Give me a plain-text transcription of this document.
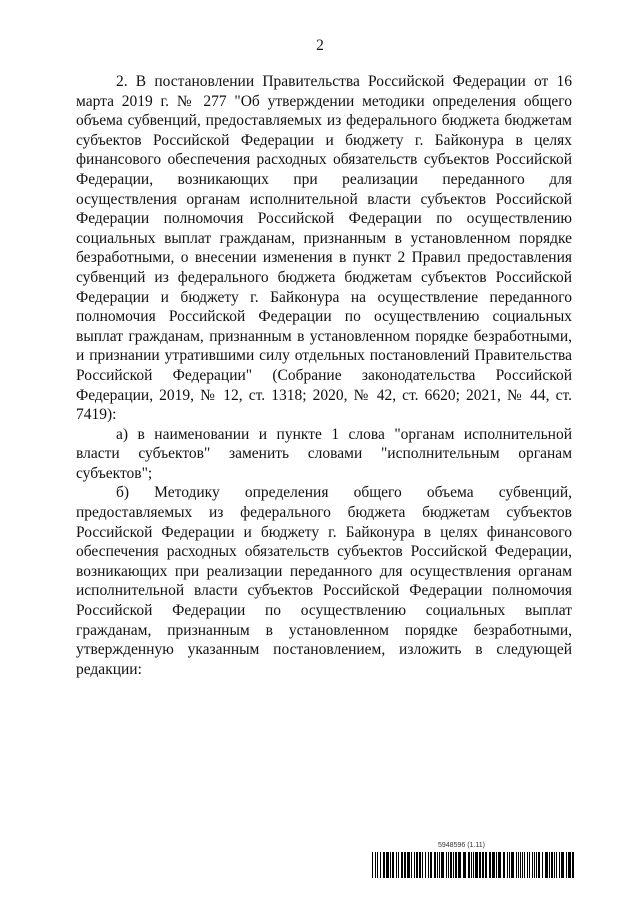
2

2. В постановлении Правительства Российской Федерации от 16 марта 2019 г. № 277 "Об утверждении методики определения общего объема субвенций, предоставляемых из федерального бюджета бюджетам субъектов Российской Федерации и бюджету г. Байконура в целях финансового обеспечения расходных обязательств субъектов Российской Федерации, возникающих при реализации переданного для осуществления органам исполнительной власти субъектов Российской Федерации полномочия Российской Федерации по осуществлению социальных выплат гражданам, признанным в установленном порядке безработными, о внесении изменения в пункт 2 Правил предоставления субвенций из федерального бюджета бюджетам субъектов Российской Федерации и бюджету г. Байконура на осуществление переданного полномочия Российской Федерации по осуществлению социальных выплат гражданам, признанным в установленном порядке безработными, и признании утратившими силу отдельных постановлений Правительства Российской Федерации" (Собрание законодательства Российской Федерации, 2019, № 12, ст. 1318; 2020, № 42, ст. 6620; 2021, № 44, ст. 7419):

а) в наименовании и пункте 1 слова "органам исполнительной власти субъектов" заменить словами "исполнительным органам субъектов";

б) Методику определения общего объема субвенций, предоставляемых из федерального бюджета бюджетам субъектов Российской Федерации и бюджету г. Байконура в целях финансового обеспечения расходных обязательств субъектов Российской Федерации, возникающих при реализации переданного для осуществления органам исполнительной власти субъектов Российской Федерации полномочия Российской Федерации по осуществлению социальных выплат гражданам, признанным в установленном порядке безработными, утвержденную указанным постановлением, изложить в следующей редакции:

5948596 (1.11)
